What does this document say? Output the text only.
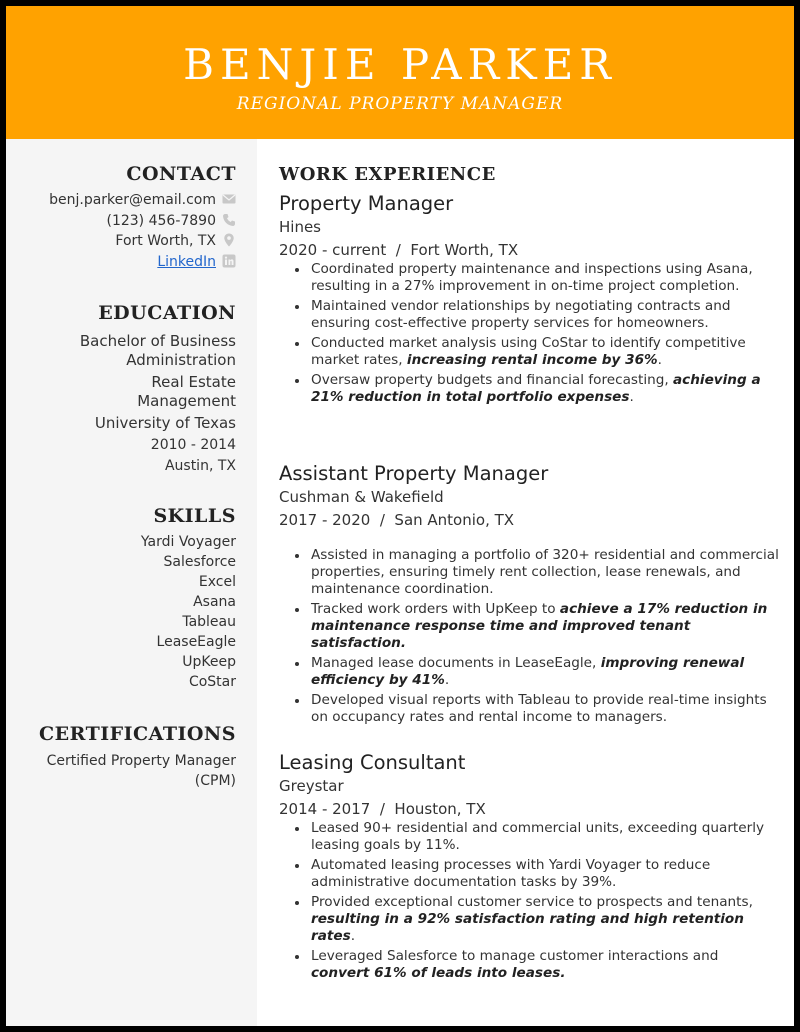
BENJIE PARKER
REGIONAL PROPERTY MANAGER
CONTACT
benj.parker@email.com
(123) 456-7890
Fort Worth, TX
LinkedIn
EDUCATION
Bachelor of Business
Administration
Real Estate
Management
University of Texas
2010 - 2014
Austin, TX
SKILLS
Yardi Voyager
Salesforce
Excel
Asana
Tableau
LeaseEagle
UpKeep
CoStar
CERTIFICATIONS
Certified Property Manager
(CPM)
WORK EXPERIENCE
Property Manager
Hines
2020 - current  /  Fort Worth, TX
Coordinated property maintenance and inspections using Asana, resulting in a 27% improvement in on-time project completion.
Maintained vendor relationships by negotiating contracts and ensuring cost-effective property services for homeowners.
Conducted market analysis using CoStar to identify competitive market rates, increasing rental income by 36%.
Oversaw property budgets and financial forecasting, achieving a 21% reduction in total portfolio expenses.
Assistant Property Manager
Cushman & Wakefield
2017 - 2020  /  San Antonio, TX
Assisted in managing a portfolio of 320+ residential and commercial properties, ensuring timely rent collection, lease renewals, and maintenance coordination.
Tracked work orders with UpKeep to achieve a 17% reduction in maintenance response time and improved tenant satisfaction.
Managed lease documents in LeaseEagle, improving renewal efficiency by 41%.
Developed visual reports with Tableau to provide real-time insights on occupancy rates and rental income to managers.
Leasing Consultant
Greystar
2014 - 2017  /  Houston, TX
Leased 90+ residential and commercial units, exceeding quarterly leasing goals by 11%.
Automated leasing processes with Yardi Voyager to reduce administrative documentation tasks by 39%.
Provided exceptional customer service to prospects and tenants, resulting in a 92% satisfaction rating and high retention rates.
Leveraged Salesforce to manage customer interactions and convert 61% of leads into leases.
